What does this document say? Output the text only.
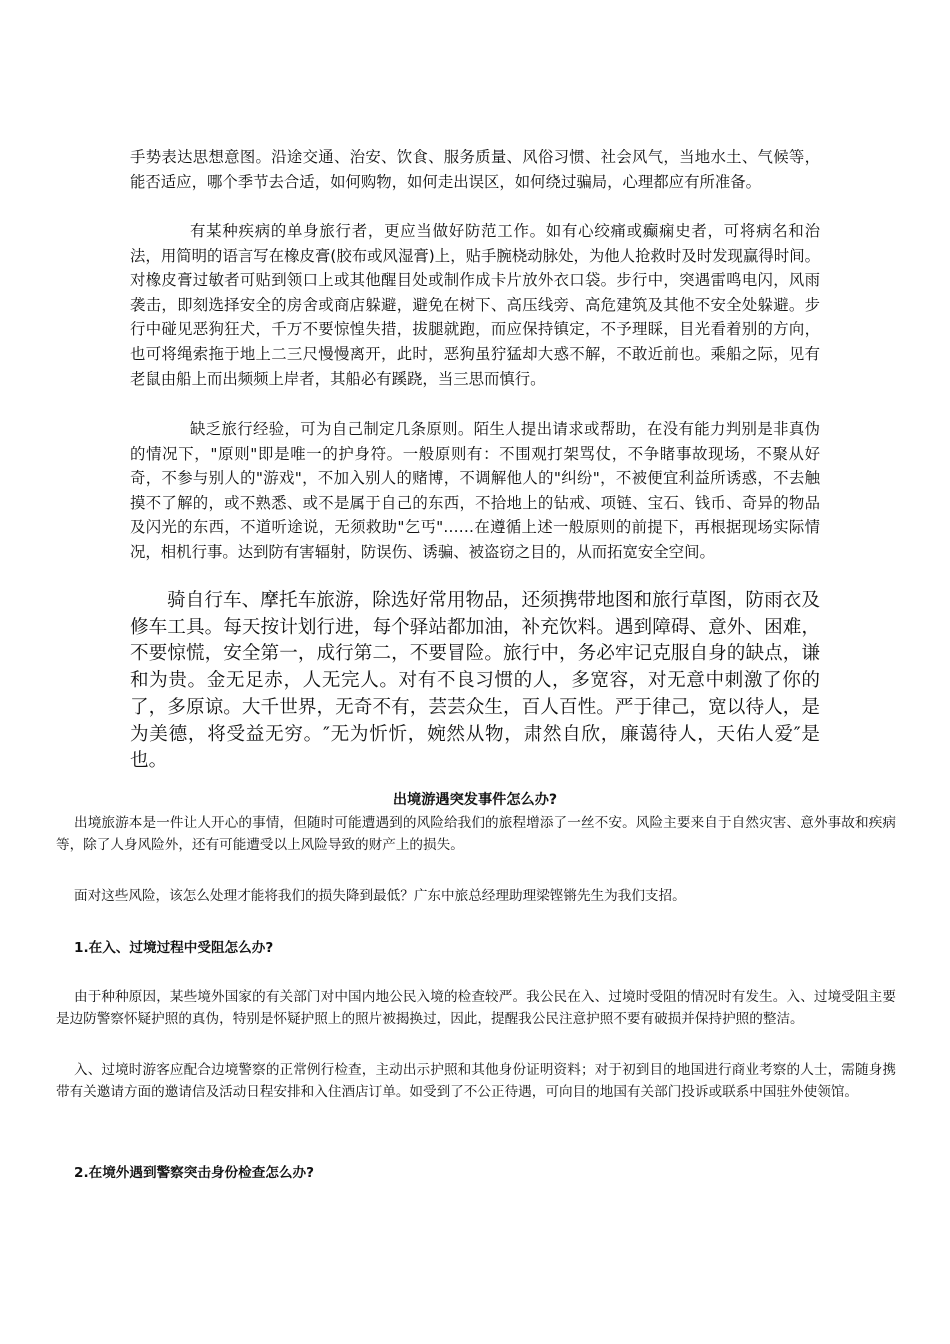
手势表达思想意图。沿途交通、治安、饮食、服务质量、风俗习惯、社会风气，当地水土、气候等，能否适应，哪个季节去合适，如何购物，如何走出误区，如何绕过骗局，心理都应有所准备。

有某种疾病的单身旅行者，更应当做好防范工作。如有心绞痛或癫痫史者，可将病名和治法，用简明的语言写在橡皮膏(胶布或风湿膏)上，贴手腕桡动脉处，为他人抢救时及时发现赢得时间。对橡皮膏过敏者可贴到领口上或其他醒目处或制作成卡片放外衣口袋。步行中，突遇雷鸣电闪，风雨袭击，即刻选择安全的房舍或商店躲避，避免在树下、高压线旁、高危建筑及其他不安全处躲避。步行中碰见恶狗狂犬，千万不要惊惶失措，拔腿就跑，而应保持镇定，不予理睬，目光看着别的方向，也可将绳索拖于地上二三尺慢慢离开，此时，恶狗虽狞猛却大惑不解，不敢近前也。乘船之际，见有老鼠由船上而出频频上岸者，其船必有蹊跷，当三思而慎行。

缺乏旅行经验，可为自己制定几条原则。陌生人提出请求或帮助，在没有能力判别是非真伪的情况下，"原则"即是唯一的护身符。一般原则有：不围观打架骂仗，不争睹事故现场，不聚从好奇，不参与别人的"游戏"，不加入别人的赌博，不调解他人的"纠纷"，不被便宜利益所诱惑，不去触摸不了解的，或不熟悉、或不是属于自己的东西，不拾地上的钻戒、项链、宝石、钱币、奇异的物品及闪光的东西，不道听途说，无须救助"乞丐"……在遵循上述一般原则的前提下，再根据现场实际情况，相机行事。达到防有害辐射，防误伤、诱骗、被盗窃之目的，从而拓宽安全空间。

骑自行车、摩托车旅游，除选好常用物品，还须携带地图和旅行草图，防雨衣及修车工具。每天按计划行进，每个驿站都加油，补充饮料。遇到障碍、意外、困难，不要惊慌，安全第一，成行第二，不要冒险。旅行中，务必牢记克服自身的缺点，谦和为贵。金无足赤，人无完人。对有不良习惯的人，多宽容，对无意中刺激了你的了，多原谅。大千世界，无奇不有，芸芸众生，百人百性。严于律己，宽以待人，是为美德，将受益无穷。″无为忻忻，婉然从物，肃然自欣，廉蔼待人，天佑人爱″是也。

出境游遇突发事件怎么办?

出境旅游本是一件让人开心的事情，但随时可能遭遇到的风险给我们的旅程增添了一丝不安。风险主要来自于自然灾害、意外事故和疾病等，除了人身风险外，还有可能遭受以上风险导致的财产上的损失。

面对这些风险，该怎么处理才能将我们的损失降到最低？广东中旅总经理助理梁铿锵先生为我们支招。

1.在入、过境过程中受阻怎么办?

由于种种原因，某些境外国家的有关部门对中国内地公民入境的检查较严。我公民在入、过境时受阻的情况时有发生。入、过境受阻主要是边防警察怀疑护照的真伪，特别是怀疑护照上的照片被揭换过，因此，提醒我公民注意护照不要有破损并保持护照的整洁。

入、过境时游客应配合边境警察的正常例行检查，主动出示护照和其他身份证明资料；对于初到目的地国进行商业考察的人士，需随身携带有关邀请方面的邀请信及活动日程安排和入住酒店订单。如受到了不公正待遇，可向目的地国有关部门投诉或联系中国驻外使领馆。

2.在境外遇到警察突击身份检查怎么办?
